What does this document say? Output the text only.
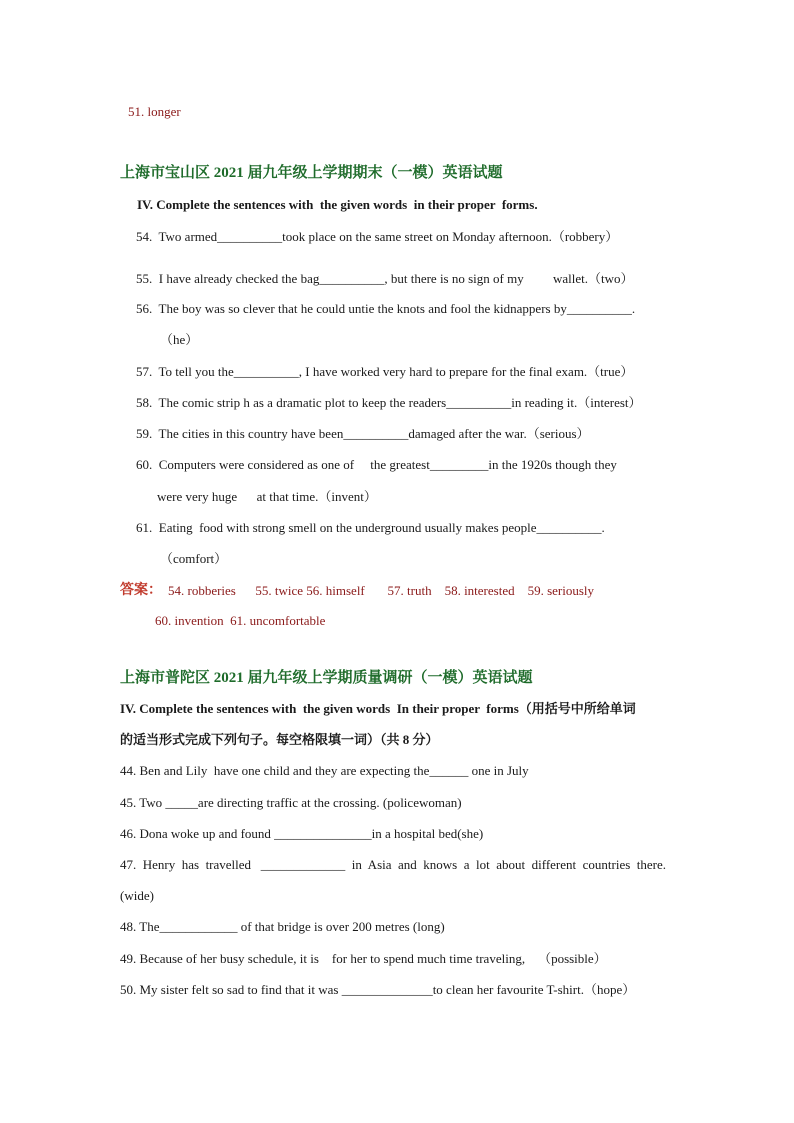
51. longer
上海市宝山区 2021 届九年级上学期期末（一模）英语试题
IV. Complete the sentences with  the given words  in their proper  forms.
54.  Two armed__________took place on the same street on Monday afternoon.（robbery）
55.  I have already checked the bag__________, but there is no sign of my         wallet.（two）
56.  The boy was so clever that he could untie the knots and fool the kidnappers by__________.
（he）
57.  To tell you the__________, I have worked very hard to prepare for the final exam.（true）
58.  The comic strip h as a dramatic plot to keep the readers__________in reading it.（interest）
59.  The cities in this country have been__________damaged after the war.（serious）
60.  Computers were considered as one of     the greatest_________in the 1920s though they
were very huge      at that time.（invent）
61.  Eating  food with strong smell on the underground usually makes people__________.
（comfort）
答案： 54. robberies      55. twice 56. himself       57. truth    58. interested    59. seriously
60. invention  61. uncomfortable
上海市普陀区 2021 届九年级上学期质量调研（一模）英语试题
IV. Complete the sentences with  the given words  In their proper  forms（用括号中所给单词
的适当形式完成下列句子。每空格限填一词）（共 8 分）
44. Ben and Lily  have one child and they are expecting the______ one in July
45. Two _____are directing traffic at the crossing. (policewoman)
46. Dona woke up and found _______________in a hospital bed(she)
47.  Henry  has  travelled   _____________  in  Asia  and  knows  a  lot  about  different  countries  there.
(wide)
48. The____________ of that bridge is over 200 metres (long)
49. Because of her busy schedule, it is    for her to spend much time traveling,    （possible）
50. My sister felt so sad to find that it was ______________to clean her favourite T-shirt.（hope）
